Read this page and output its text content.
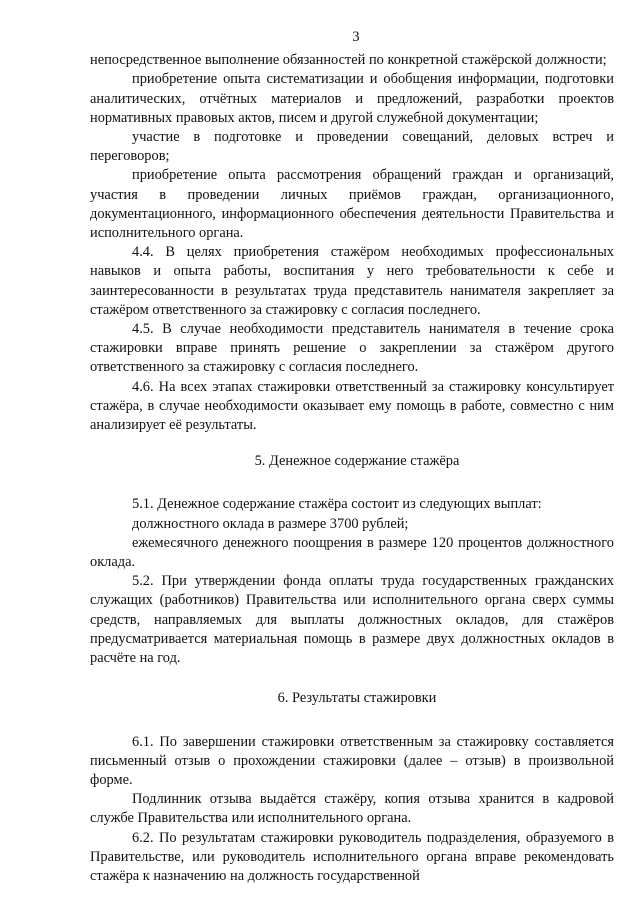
3

непосредственное выполнение обязанностей по конкретной стажёрской должности;

приобретение опыта систематизации и обобщения информации, подготовки аналитических, отчётных материалов и предложений, разработки проектов нормативных правовых актов, писем и другой служебной документации;

участие в подготовке и проведении совещаний, деловых встреч и переговоров;

приобретение опыта рассмотрения обращений граждан и организаций, участия в проведении личных приёмов граждан, организационного, документационного, информационного обеспечения деятельности Правительства и исполнительного органа.

4.4. В целях приобретения стажёром необходимых профессиональных навыков и опыта работы, воспитания у него требовательности к себе и заинтересованности в результатах труда представитель нанимателя закрепляет за стажёром ответственного за стажировку с согласия последнего.

4.5. В случае необходимости представитель нанимателя в течение срока стажировки вправе принять решение о закреплении за стажёром другого ответственного за стажировку с согласия последнего.

4.6. На всех этапах стажировки ответственный за стажировку консультирует стажёра, в случае необходимости оказывает ему помощь в работе, совместно с ним анализирует её результаты.

5. Денежное содержание стажёра

5.1. Денежное содержание стажёра состоит из следующих выплат:

должностного оклада в размере 3700 рублей;

ежемесячного денежного поощрения в размере 120 процентов должностного оклада.

5.2. При утверждении фонда оплаты труда государственных гражданских служащих (работников) Правительства или исполнительного органа сверх суммы средств, направляемых для выплаты должностных окладов, для стажёров предусматривается материальная помощь в размере двух должностных окладов в расчёте на год.

6. Результаты стажировки

6.1. По завершении стажировки ответственным за стажировку составляется письменный отзыв о прохождении стажировки (далее – отзыв) в произвольной форме.

Подлинник отзыва выдаётся стажёру, копия отзыва хранится в кадровой службе Правительства или исполнительного органа.

6.2. По результатам стажировки руководитель подразделения, образуемого в Правительстве, или руководитель исполнительного органа вправе рекомендовать стажёра к назначению на должность государственной
